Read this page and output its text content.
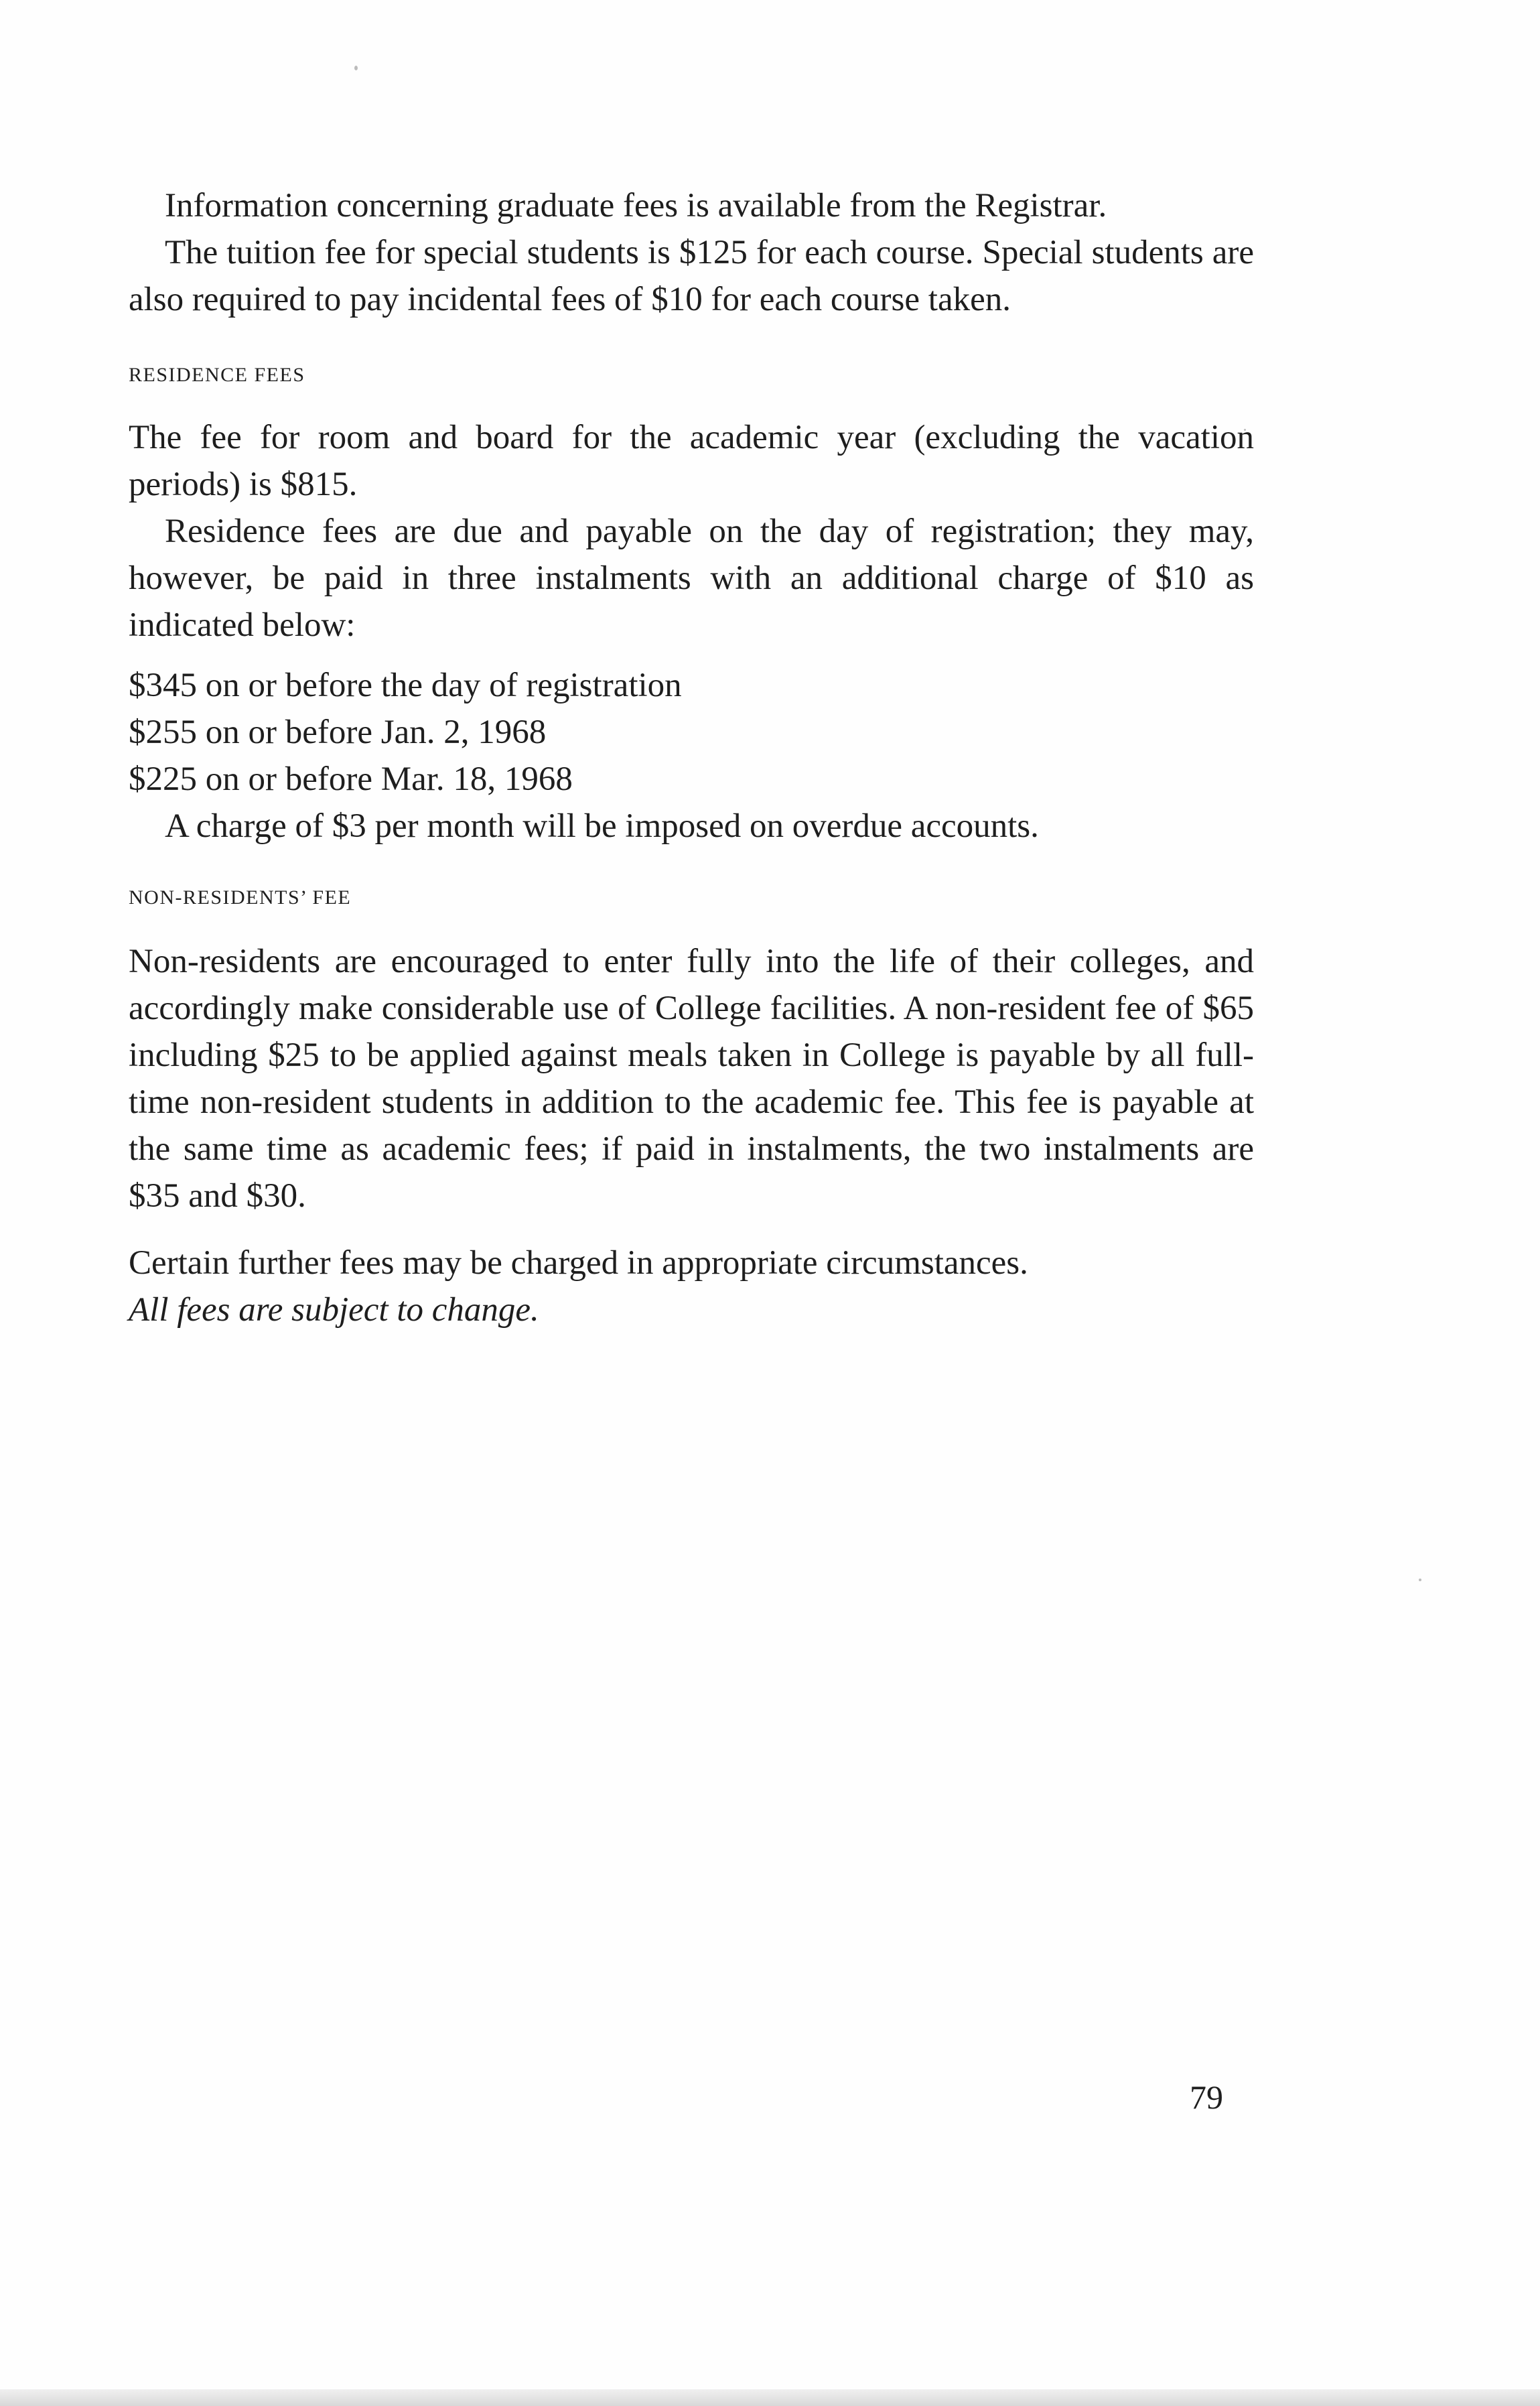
Information concerning graduate fees is available from the Registrar.

The tuition fee for special students is $125 for each course. Special students are also required to pay incidental fees of $10 for each course taken.

RESIDENCE FEES

The fee for room and board for the academic year (excluding the vacation periods) is $815.

Residence fees are due and payable on the day of registration; they may, however, be paid in three instalments with an additional charge of $10 as indicated below:

$345 on or before the day of registration

$255 on or before Jan. 2, 1968

$225 on or before Mar. 18, 1968

A charge of $3 per month will be imposed on overdue accounts.

NON-RESIDENTS’ FEE

Non-residents are encouraged to enter fully into the life of their colleges, and accordingly make considerable use of College facilities. A non-resident fee of $65 including $25 to be applied against meals taken in College is payable by all full-time non-resident students in addition to the academic fee. This fee is payable at the same time as academic fees; if paid in instalments, the two instalments are $35 and $30.

Certain further fees may be charged in appropriate circumstances.

All fees are subject to change.

79
